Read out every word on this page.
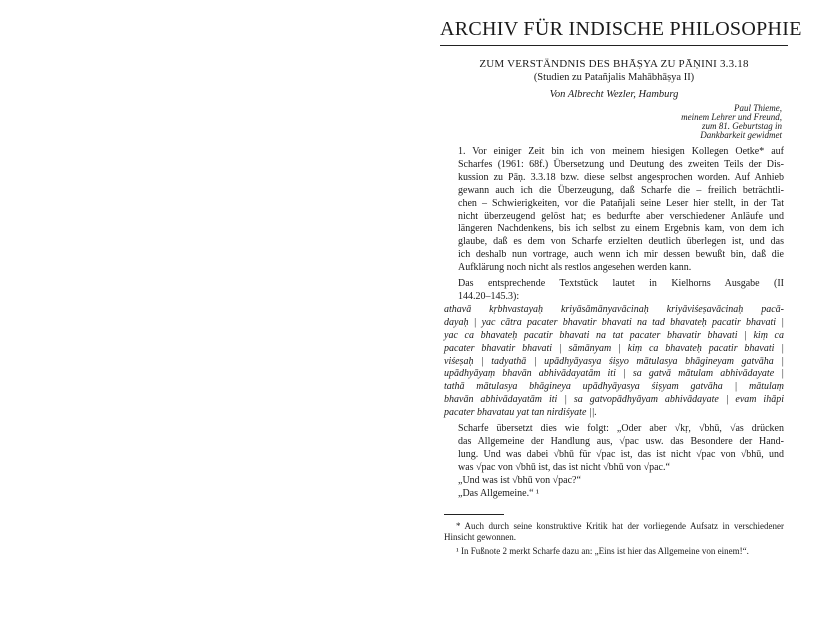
ARCHIV FÜR INDISCHE PHILOSOPHIE
ZUM VERSTÄNDNIS DES BHĀṢYA ZU PĀṆINI 3.3.18
(Studien zu Patañjalis Mahābhāṣya II)
Von Albrecht Wezler, Hamburg
Paul Thieme,
meinem Lehrer und Freund,
zum 81. Geburtstag in
Dankbarkeit gewidmet

1. Vor einiger Zeit bin ich von meinem hiesigen Kollegen Oetke* auf
Scharfes (1961: 68f.) Übersetzung und Deutung des zweiten Teils der Dis-
kussion zu Pāṇ. 3.3.18 bzw. diese selbst angesprochen worden. Auf Anhieb
gewann auch ich die Überzeugung, daß Scharfe die – freilich beträchtli-
chen – Schwierigkeiten, vor die Patañjali seine Leser hier stellt, in der Tat
nicht überzeugend gelöst hat; es bedurfte aber verschiedener Anläufe und
längeren Nachdenkens, bis ich selbst zu einem Ergebnis kam, von dem ich
glaube, daß es dem von Scharfe erzielten deutlich überlegen ist, und das
ich deshalb nun vortrage, auch wenn ich mir dessen bewußt bin, daß die
Aufklärung noch nicht als restlos angesehen werden kann.

Das entsprechende Textstück lautet in Kielhorns Ausgabe (II
144.20–145.3):

athavā kṛbhvastayaḥ kriyāsāmānyavācinaḥ kriyāviśeṣavācinaḥ pacā-
dayaḥ | yac cātra pacater bhavatir bhavati na tad bhavateḥ pacatir bhavati |
yac ca bhavateḥ pacatir bhavati na tat pacater bhavatir bhavati | kiṃ ca
pacater bhavatir bhavati | sāmānyam | kiṃ ca bhavateḥ pacatir bhavati |
viśeṣaḥ | tadyathā | upādhyāyasya śiṣyo mātulasya bhāgineyam gatvāha |
upādhyāyaṃ bhavān abhivādayatām iti | sa gatvā mātulam abhivādayate |
tathā mātulasya bhāgineya upādhyāyasya śiṣyam gatvāha | mātulaṃ
bhavān abhivādayatām iti | sa gatvopādhyāyam abhivādayate | evam ihāpi
pacater bhavatau yat tan nirdiśyate ||.

Scharfe übersetzt dies wie folgt: „Oder aber √kṛ, √bhū, √as drücken
das Allgemeine der Handlung aus, √pac usw. das Besondere der Hand-
lung. Und was dabei √bhū für √pac ist, das ist nicht √pac von √bhū, und
was √pac von √bhū ist, das ist nicht √bhū von √pac.“
„Und was ist √bhū von √pac?“
„Das Allgemeine.“ ¹

* Auch durch seine konstruktive Kritik hat der vorliegende Aufsatz in verschiedener Hinsicht gewonnen.

¹ In Fußnote 2 merkt Scharfe dazu an: „Eins ist hier das Allgemeine von einem!“.
